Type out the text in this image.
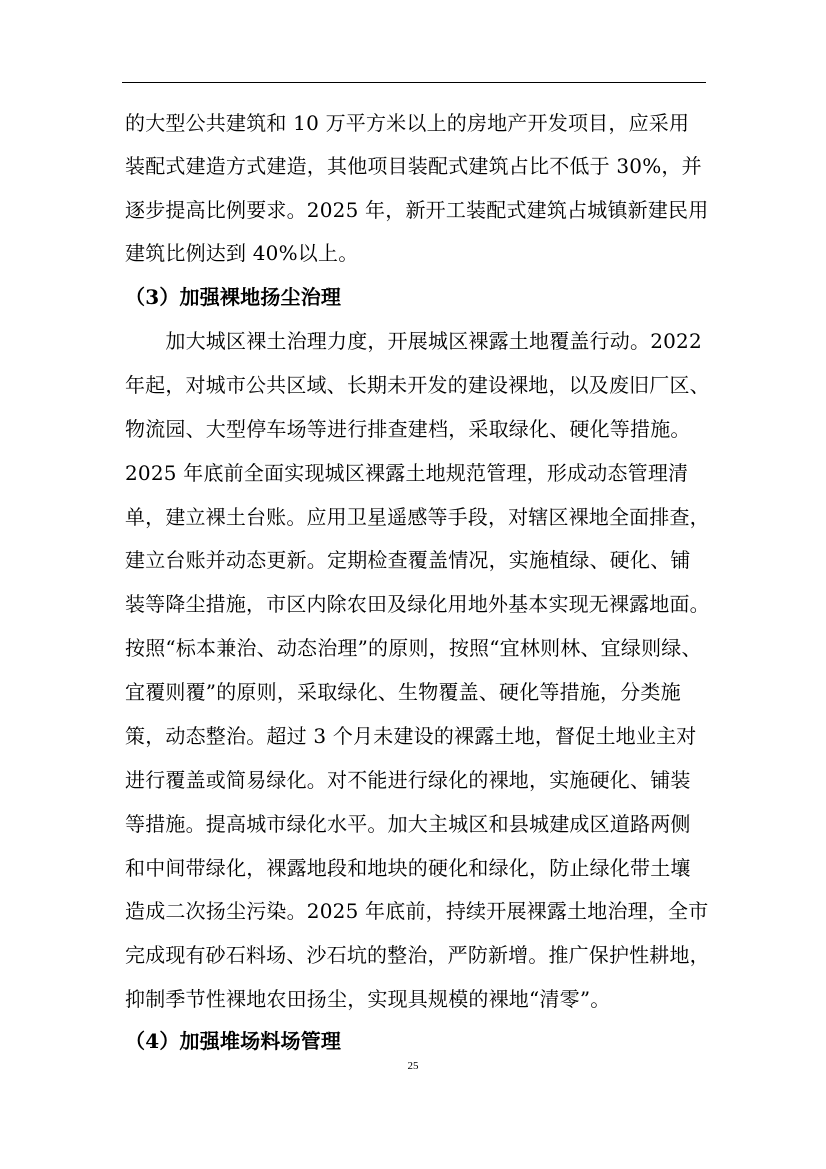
的大型公共建筑和 10 万平方米以上的房地产开发项目，应采用
装配式建造方式建造，其他项目装配式建筑占比不低于 30%，并
逐步提高比例要求。2025 年，新开工装配式建筑占城镇新建民用
建筑比例达到 40%以上。
（3）加强裸地扬尘治理
　　加大城区裸土治理力度，开展城区裸露土地覆盖行动。2022
年起，对城市公共区域、长期未开发的建设裸地，以及废旧厂区、
物流园、大型停车场等进行排查建档，采取绿化、硬化等措施。
2025 年底前全面实现城区裸露土地规范管理，形成动态管理清
单，建立裸土台账。应用卫星遥感等手段，对辖区裸地全面排查，
建立台账并动态更新。定期检查覆盖情况，实施植绿、硬化、铺
装等降尘措施，市区内除农田及绿化用地外基本实现无裸露地面。
按照“标本兼治、动态治理”的原则，按照“宜林则林、宜绿则绿、
宜覆则覆”的原则，采取绿化、生物覆盖、硬化等措施，分类施
策，动态整治。超过 3 个月未建设的裸露土地，督促土地业主对
进行覆盖或简易绿化。对不能进行绿化的裸地，实施硬化、铺装
等措施。提高城市绿化水平。加大主城区和县城建成区道路两侧
和中间带绿化，裸露地段和地块的硬化和绿化，防止绿化带土壤
造成二次扬尘污染。2025 年底前，持续开展裸露土地治理，全市
完成现有砂石料场、沙石坑的整治，严防新增。推广保护性耕地，
抑制季节性裸地农田扬尘，实现具规模的裸地“清零”。
（4）加强堆场料场管理
25
